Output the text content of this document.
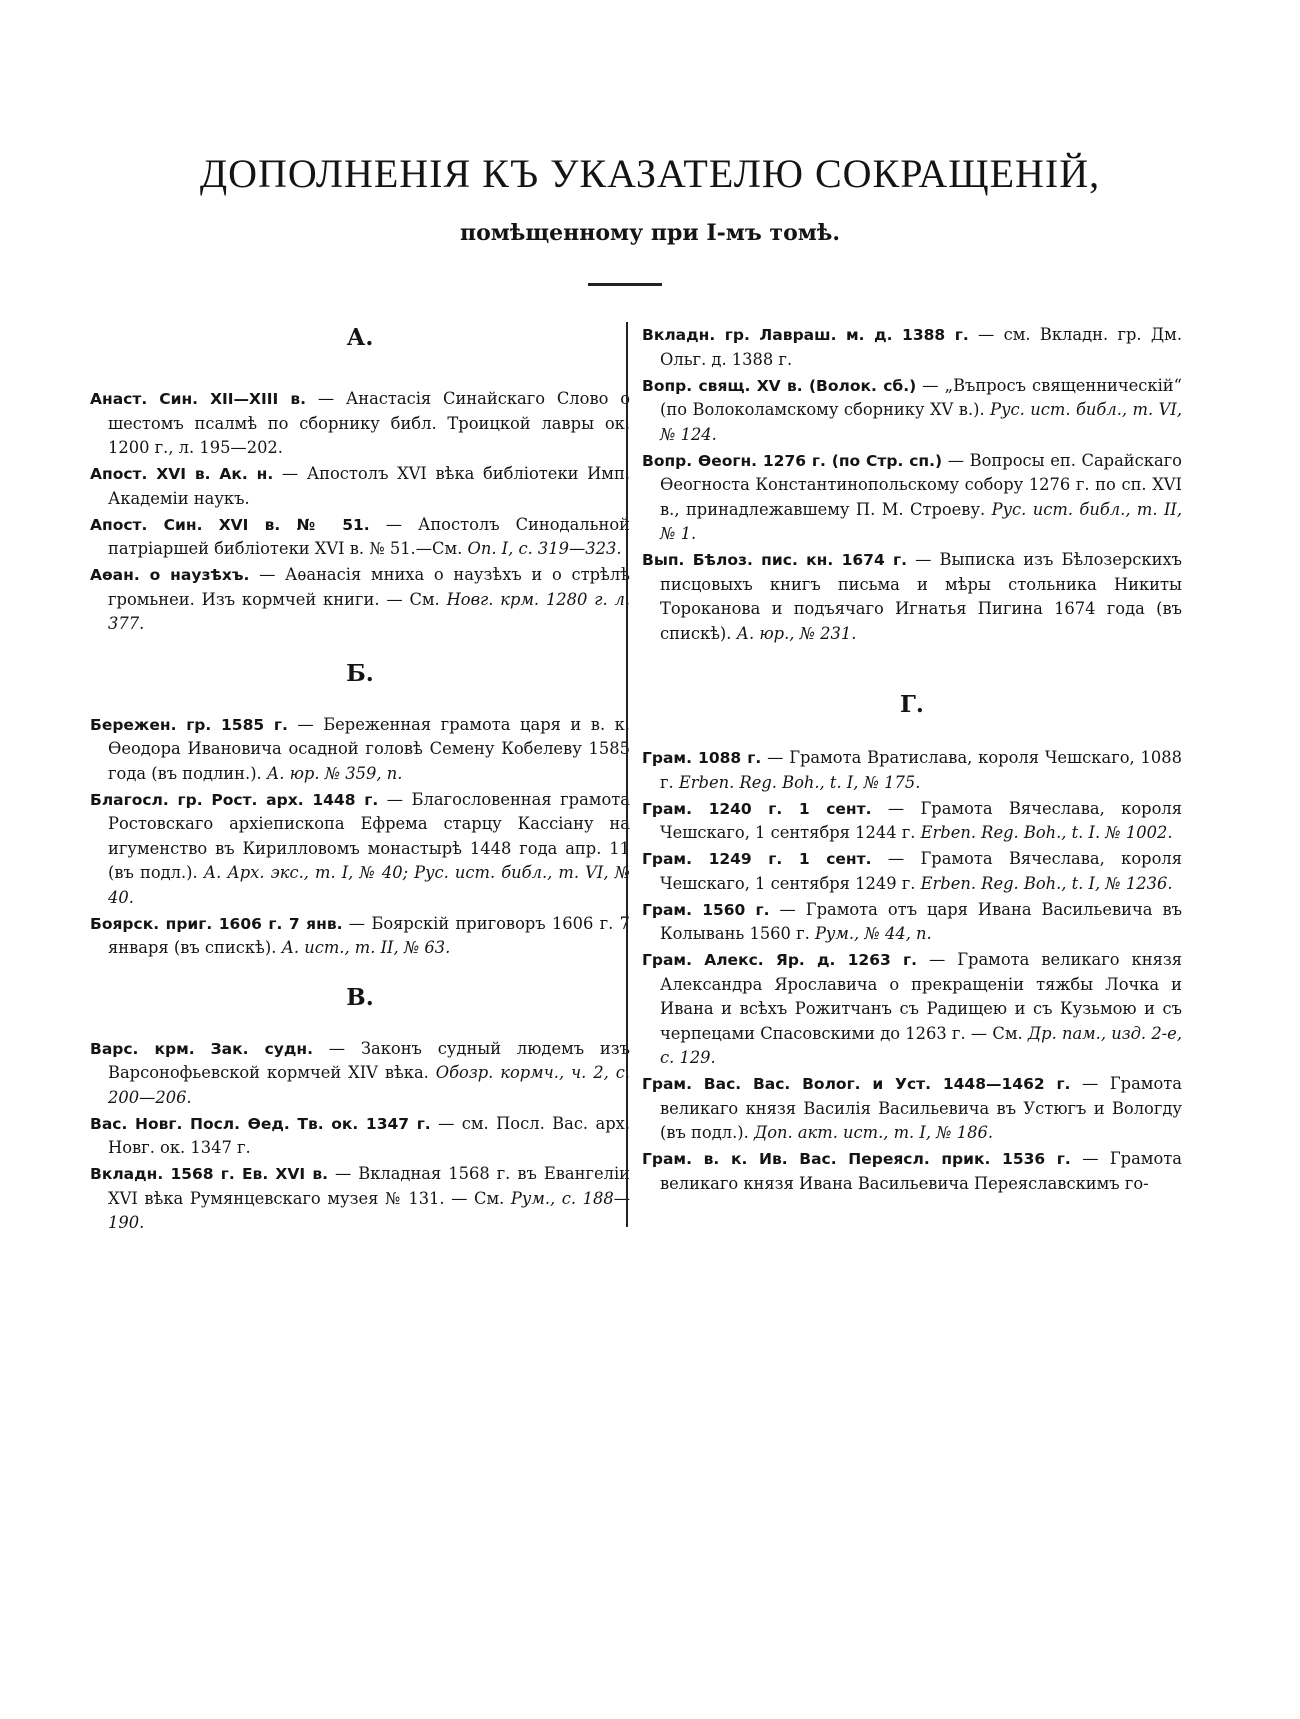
ДОПОЛНЕНІЯ КЪ УКАЗАТЕЛЮ СОКРАЩЕНІЙ,
помѣщенному при I-мъ томѣ.
А.
Анаст. Син. XII—XIII в. — Анастасія Синайскаго Слово о шестомъ псалмѣ по сборнику библ. Троицкой лавры ок. 1200 г., л. 195—202.
Апост. XVI в. Ак. н. — Апостолъ XVI вѣка библіотеки Имп. Академіи наукъ.
Апост. Син. XVI в. № 51. — Апостолъ Синодальной патріаршей библіотеки XVI в. № 51.—См. Оп. I, с. 319—323.
Аѳан. о наузѣхъ. — Аѳанасія мниха о наузѣхъ и о стрѣлѣ громьнеи. Изъ кормчей книги. — См. Новг. крм. 1280 г. л. 377.
Б.
Бережен. гр. 1585 г. — Береженная грамота царя и в. к. Ѳеодора Ивановича осадной головѣ Семену Кобелеву 1585 года (въ подлин.). А. юр. № 359, п.
Благосл. гр. Рост. арх. 1448 г. — Благословенная грамота Ростовскаго архіепископа Ефрема старцу Кассіану на игуменство въ Кирилловомъ монастырѣ 1448 года апр. 11 (въ подл.). А. Арх. экс., т. I, № 40; Рус. ист. библ., т. VI, № 40.
Боярск. приг. 1606 г. 7 янв. — Боярскій приговоръ 1606 г. 7 января (въ спискѣ). А. ист., т. II, № 63.
В.
Варс. крм. Зак. судн. — Законъ судный людемъ изъ Варсонофьевской кормчей XIV вѣка. Обозр. кормч., ч. 2, с. 200—206.
Вас. Новг. Посл. Ѳед. Тв. ок. 1347 г. — см. Посл. Вас. арх. Новг. ок. 1347 г.
Вкладн. 1568 г. Ев. XVI в. — Вкладная 1568 г. въ Евангеліи XVI вѣка Румянцевскаго музея № 131. — См. Рум., с. 188—190.
Вкладн. гр. Лавраш. м. д. 1388 г. — см. Вкладн. гр. Дм. Ольг. д. 1388 г.
Вопр. свящ. XV в. (Волок. сб.) — „Въпросъ священническій“ (по Волоколамскому сборнику XV в.). Рус. ист. библ., т. VI, № 124.
Вопр. Ѳеогн. 1276 г. (по Стр. сп.) — Вопросы еп. Сарайскаго Ѳеогноста Константинопольскому собору 1276 г. по сп. XVI в., принадлежавшему П. М. Строеву. Рус. ист. библ., т. II, № 1.
Вып. Бѣлоз. пис. кн. 1674 г. — Выписка изъ Бѣлозерскихъ писцовыхъ книгъ письма и мѣры стольника Никиты Тороканова и подъячаго Игнатья Пигина 1674 года (въ спискѣ). А. юр., № 231.
Г.
Грам. 1088 г. — Грамота Вратислава, короля Чешскаго, 1088 г. Erben. Reg. Boh., t. I, № 175.
Грам. 1240 г. 1 сент. — Грамота Вячеслава, короля Чешскаго, 1 сентября 1244 г. Erben. Reg. Boh., t. I. № 1002.
Грам. 1249 г. 1 сент. — Грамота Вячеслава, короля Чешскаго, 1 сентября 1249 г. Erben. Reg. Boh., t. I, № 1236.
Грам. 1560 г. — Грамота отъ царя Ивана Васильевича въ Колывань 1560 г. Рум., № 44, п.
Грам. Алекс. Яр. д. 1263 г. — Грамота великаго князя Александра Ярославича о прекращеніи тяжбы Лочка и Ивана и всѣхъ Рожитчанъ съ Радищею и съ Кузьмою и съ черпецами Спасовскими до 1263 г. — См. Др. пам., изд. 2-е, с. 129.
Грам. Вас. Вас. Волог. и Уст. 1448—1462 г. — Грамота великаго князя Василія Васильевича въ Устюгъ и Вологду (въ подл.). Доп. акт. ист., т. I, № 186.
Грам. в. к. Ив. Вас. Переясл. прик. 1536 г. — Грамота великаго князя Ивана Васильевича Переяславскимъ го-
